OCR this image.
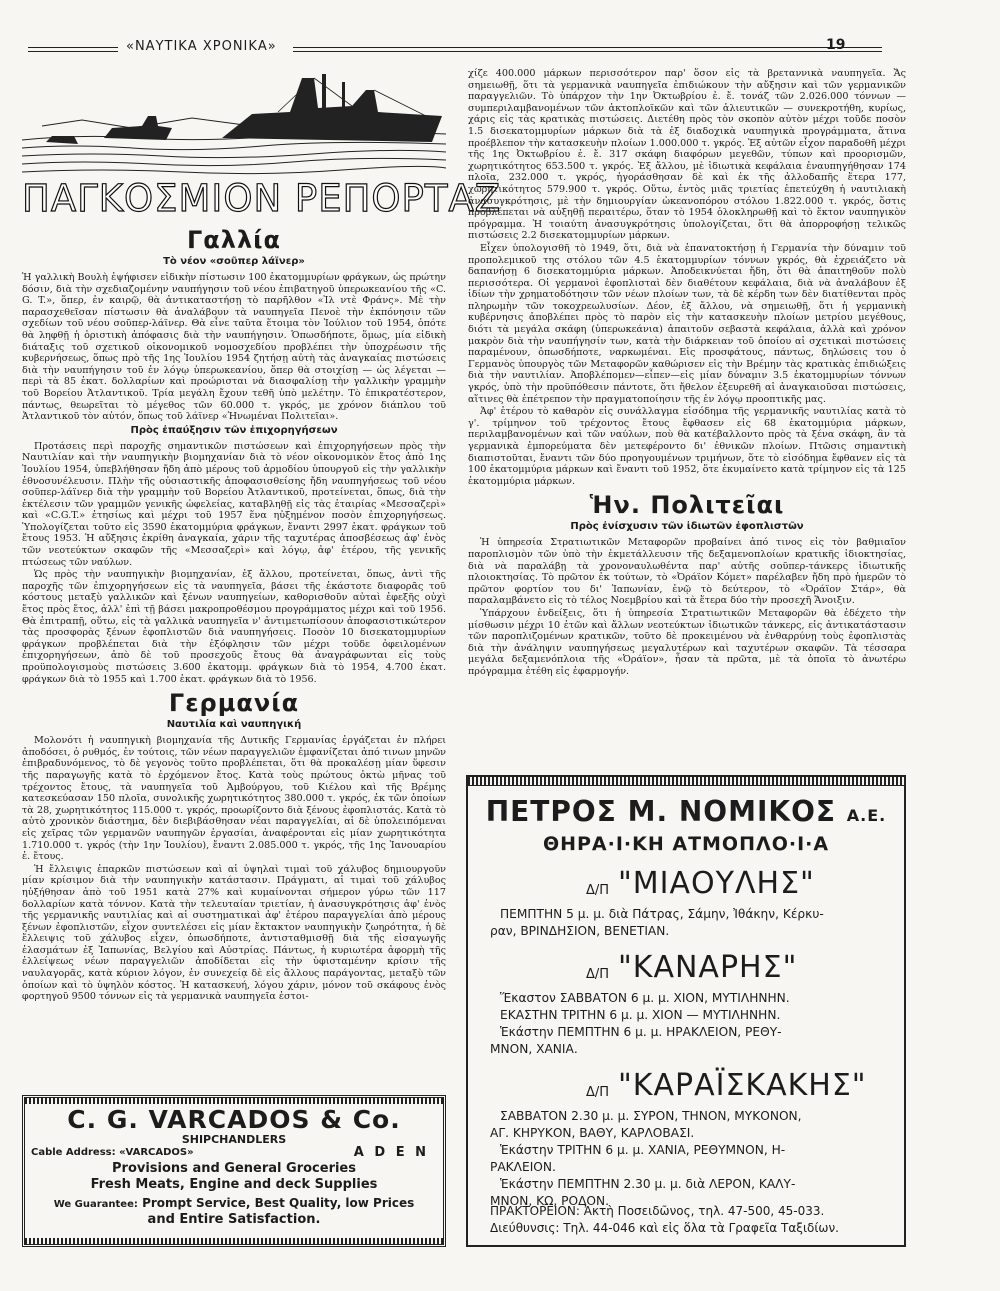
«ΝΑΥΤΙΚΑ ΧΡΟΝΙΚΑ»	19
ΠΑΓΚΟΣΜΙΟΝ ΡΕΠΟΡΤΑΖ
Γαλλία
Τὸ νέον «σοῦπερ λάϊνερ»

Ἡ γαλλικὴ Βουλὴ ἐψήφισεν εἰδικὴν πίστωσιν 100 ἑκατομμυρίων φράγκων, ὡς πρώτην δόσιν, διὰ τὴν σχεδιαζομένην ναυπήγησιν τοῦ νέου ἐπιβατηγοῦ ὑπερωκεανίου τῆς «C. G. T.», ὅπερ, ἐν καιρῷ, θὰ ἀντικαταστήσῃ τὸ παρῆλθον «Ἰλ ντὲ Φράνς». Μὲ τὴν παρασχεθεῖσαν πίστωσιν θὰ ἀναλάβουν τὰ ναυπηγεῖα Πενοὲ τὴν ἐκπόνησιν τῶν σχεδίων τοῦ νέου σοῦπερ-λάϊνερ. Θὰ εἶνε ταῦτα ἕτοιμα τὸν Ἰούλιον τοῦ 1954, ὁπότε θὰ ληφθῇ ἡ ὁριστικὴ ἀπόφασις διὰ τὴν ναυπήγησιν. Ὁπωσδήποτε, ὅμως, μία εἰδικὴ διάταξις τοῦ σχετικοῦ οἰκονομικοῦ νομοσχεδίου προβλέπει τὴν ὑποχρέωσιν τῆς κυβερνήσεως, ὅπως πρὸ τῆς 1ης Ἰουλίου 1954 ζητήσῃ αὐτὴ τὰς ἀναγκαίας πιστώσεις διὰ τὴν ναυπήγησιν τοῦ ἐν λόγῳ ὑπερωκεανίου, ὅπερ θὰ στοιχίσῃ — ὡς λέγεται — περὶ τὰ 85 ἑκατ. δολλαρίων καὶ προώρισται νὰ διασφαλίσῃ τὴν γαλλικὴν γραμμὴν τοῦ Βορείου Ἀτλαντικοῦ. Τρία μεγάλη ἔχουν τεθῆ ὑπὸ μελέτην. Τὸ ἐπικρατέστερον, πάντως, θεωρεῖται τὸ μέγεθος τῶν 60.000 τ. γκρός, με χρόνον διάπλου τοῦ Ἀτλαντικοῦ τὸν αὐτόν, ὅπως τοῦ λάϊνερ «Ἡνωμέναι Πολιτεῖαι».

Πρὸς ἐπαύξησιν τῶν ἐπιχορηγήσεων

Προτάσεις περὶ παροχῆς σημαντικῶν πιστώσεων καὶ ἐπιχορηγήσεων πρὸς τὴν Ναυτιλίαν καὶ τὴν ναυπηγικὴν βιομηχανίαν διὰ τὸ νέον οἰκονομικὸν ἔτος ἀπὸ 1ης Ἰουλίου 1954, ὑπεβλήθησαν ἤδη ἀπὸ μέρους τοῦ ἁρμοδίου ὑπουργοῦ εἰς τὴν γαλλικὴν ἐθνοσυνέλευσιν. Πλὴν τῆς οὐσιαστικῆς ἀποφασισθείσης ἤδη ναυπηγήσεως τοῦ νέου σοῦπερ-λάϊνερ διὰ τὴν γραμμὴν τοῦ Βορείου Ἀτλαντικοῦ, προτείνεται, ὅπως, διὰ τὴν ἐκτέλεσιν τῶν γραμμῶν γενικῆς ὠφελείας, καταβληθῇ εἰς τὰς ἑταιρίας «Μεσσαζερὶ» καὶ «C.G.T.» ἐτησίως καὶ μέχρι τοῦ 1957 ἕνα ηὐξημένον ποσὸν ἐπιχορηγήσεως. Ὑπολογίζεται τοῦτο εἰς 3590 ἑκατομμύρια φράγκων, ἔναντι 2997 ἑκατ. φράγκων τοῦ ἔτους 1953. Ἡ αὔξησις ἐκρίθη ἀναγκαία, χάριν τῆς ταχυτέρας ἀποσβέσεως ἀφ' ἑνὸς τῶν νεοτεύκτων σκαφῶν τῆς «Μεσσαζερὶ» καὶ λόγῳ, ἀφ' ἑτέρου, τῆς γενικῆς πτώσεως τῶν ναύλων.

Ὡς πρὸς τὴν ναυπηγικὴν βιομηχανίαν, ἐξ ἄλλου, προτείνεται, ὅπως, ἀντὶ τῆς παροχῆς τῶν ἐπιχορηγήσεων εἰς τὰ ναυπηγεῖα, βάσει τῆς ἑκάστοτε διαφορᾶς τοῦ κόστους μεταξὺ γαλλικῶν καὶ ξένων ναυπηγείων, καθορισθοῦν αὐταὶ ἐφεξῆς οὐχὶ ἔτος πρὸς ἔτος, ἀλλ' ἐπὶ τῇ βάσει μακροπροθέσμου προγράμματος μέχρι καὶ τοῦ 1956. Θὰ ἐπιτραπῇ, οὕτω, εἰς τὰ γαλλικὰ ναυπηγεῖα ν' ἀντιμετωπίσουν ἀποφασιστικώτερον τὰς προσφορὰς ξένων ἐφοπλιστῶν διὰ ναυπηγήσεις. Ποσὸν 10 δισεκατομμυρίων φράγκων προβλέπεται διὰ τὴν ἐξόφλησιν τῶν μέχρι τοῦδε ὀφειλομένων ἐπιχορηγήσεων, ἀπὸ δὲ τοῦ προσεχοῦς ἔτους θὰ ἀναγράφωνται εἰς τοὺς προϋπολογισμοὺς πιστώσεις 3.600 ἑκατομμ. φράγκων διὰ τὸ 1954, 4.700 ἑκατ. φράγκων διὰ τὸ 1955 καὶ 1.700 ἑκατ. φράγκων διὰ τὸ 1956.

Γερμανία
Ναυτιλία καὶ ναυπηγική

Μολονότι ἡ ναυπηγικὴ βιομηχανία τῆς Δυτικῆς Γερμανίας ἐργάζεται ἐν πλήρει ἀποδόσει, ὁ ρυθμός, ἐν τούτοις, τῶν νέων παραγγελιῶν ἐμφανίζεται ἀπό τινων μηνῶν ἐπιβραδυνόμενος, τὸ δὲ γεγονὸς τοῦτο προβλέπεται, ὅτι θὰ προκαλέσῃ μίαν ὕφεσιν τῆς παραγωγῆς κατὰ τὸ ἐρχόμενον ἔτος. Κατὰ τοὺς πρώτους ὀκτὼ μῆνας τοῦ τρέχοντος ἔτους, τὰ ναυπηγεῖα τοῦ Ἀμβούργου, τοῦ Κιέλου καὶ τῆς Βρέμης κατεσκεύασαν 150 πλοῖα, συνολικῆς χωρητικότητος 380.000 τ. γκρός, ἐκ τῶν ὁποίων τὰ 28, χωρητικότητος 115.000 τ. γκρός, προωρίζοντο διὰ ξένους ἐφοπλιστάς. Κατὰ τὸ αὐτὸ χρονικὸν διάστημα, δὲν διεβιβάσθησαν νέαι παραγγελίαι, αἱ δὲ ὑπολειπόμεναι εἰς χεῖρας τῶν γερμανῶν ναυπηγῶν ἐργασίαι, ἀναφέρονται εἰς μίαν χωρητικότητα 1.710.000 τ. γκρός (τὴν 1ην Ἰουλίου), ἔναντι 2.085.000 τ. γκρός, τῆς 1ης Ἰανουαρίου ἐ. ἔτους.

Ἡ ἔλλειψις ἐπαρκῶν πιστώσεων καὶ αἱ ὑψηλαὶ τιμαὶ τοῦ χάλυβος δημιουργοῦν μίαν κρίσιμον διὰ τὴν ναυπηγικὴν κατάστασιν. Πράγματι, αἱ τιμαὶ τοῦ χάλυβος ηὐξήθησαν ἀπὸ τοῦ 1951 κατὰ 27% καὶ κυμαίνονται σήμερον γύρω τῶν 117 δολλαρίων κατὰ τόννον. Κατὰ τὴν τελευταίαν τριετίαν, ἡ ἀνασυγκρότησις ἀφ' ἑνὸς τῆς γερμανικῆς ναυτιλίας καὶ αἱ συστηματικαὶ ἀφ' ἑτέρου παραγγελίαι ἀπὸ μέρους ξένων ἐφοπλιστῶν, εἶχον συντελέσει εἰς μίαν ἔκτακτον ναυπηγικὴν ζωηρότητα, ἡ δὲ ἔλλειψις τοῦ χάλυβος εἶχεν, ὁπωσδήποτε, ἀντισταθμισθῇ διὰ τῆς εἰσαγωγῆς ἐλασμάτων ἐξ Ἰαπωνίας, Βελγίου καὶ Αὐστρίας. Πάντως, ἡ κυριωτέρα ἀφορμὴ τῆς ἐλλείψεως νέων παραγγελιῶν ἀποδίδεται εἰς τὴν ὑφισταμένην κρίσιν τῆς ναυλαγορᾶς, κατὰ κύριον λόγον, ἐν συνεχείᾳ δὲ εἰς ἄλλους παράγοντας, μεταξὺ τῶν ὁποίων καὶ τὸ ὑψηλὸν κόστος. Ἡ κατασκευή, λόγου χάριν, μόνον τοῦ σκάφους ἑνὸς φορτηγοῦ 9500 τόννων εἰς τὰ γερμανικὰ ναυπηγεῖα ἐστοι-

χίζε 400.000 μάρκων περισσότερον παρ' ὅσον εἰς τὰ βρεταννικὰ ναυπηγεῖα. Ἄς σημειωθῇ, ὅτι τὰ γερμανικὰ ναυπηγεῖα ἐπιδιώκουν τὴν αὔξησιν καὶ τῶν γερμανικῶν παραγγελιῶν. Τὸ ὑπάρχον τὴν 1ην Ὀκτωβρίου ἐ. ἔ. τονάζ τῶν 2.026.000 τόννων — συμπεριλαμβανομένων τῶν ἀκτοπλοϊκῶν καὶ τῶν ἁλιευτικῶν — συνεκροτήθη, κυρίως, χάρις εἰς τὰς κρατικὰς πιστώσεις. Διετέθη πρὸς τὸν σκοπὸν αὐτὸν μέχρι τοῦδε ποσὸν 1.5 δισεκατομμυρίων μάρκων διὰ τὰ ἐξ διαδοχικὰ ναυπηγικὰ προγράμματα, ἅτινα προέβλεπον τὴν κατασκευὴν πλοίων 1.000.000 τ. γκρός. Ἐξ αὐτῶν εἶχον παραδοθῆ μέχρι τῆς 1ης Ὀκτωβρίου ἐ. ἔ. 317 σκάφη διαφόρων μεγεθῶν, τύπων καὶ προορισμῶν, χωρητικότητος 653.500 τ. γκρός. Ἐξ ἄλλου, μὲ ἰδιωτικὰ κεφάλαια ἐναυπηγήθησαν 174 πλοῖα, 232.000 τ. γκρός, ἠγοράσθησαν δὲ καὶ ἐκ τῆς ἀλλοδαπῆς ἕτερα 177, χωρητικότητος 579.900 τ. γκρός. Οὕτω, ἐντὸς μιᾶς τριετίας ἐπετεύχθη ἡ ναυτιλιακὴ ἀνασυγκρότησις, μὲ τὴν δημιουργίαν ὠκεανοπόρου στόλου 1.822.000 τ. γκρός, ὅστις προβλέπεται νὰ αὐξηθῇ περαιτέρω, ὅταν τὸ 1954 ὁλοκληρωθῇ καὶ τὸ ἕκτον ναυπηγικὸν πρόγραμμα. Ἡ τοιαύτη ἀνασυγκρότησις ὑπολογίζεται, ὅτι θὰ ἀπορροφήσῃ τελικῶς πιστώσεις 2.2 δισεκατομμυρίων μάρκων.

Εἶχεν ὑπολογισθῆ τὸ 1949, ὅτι, διὰ νὰ ἐπανατοκτήσῃ ἡ Γερμανία τὴν δύναμιν τοῦ προπολεμικοῦ της στόλου τῶν 4.5 ἑκατομμυρίων τόννων γκρός, θὰ ἐχρειάζετο νὰ δαπανήσῃ 6 δισεκατομμύρια μάρκων. Ἀποδεικνύεται ἤδη, ὅτι θὰ ἀπαιτηθοῦν πολὺ περισσότερα. Οἱ γερμανοὶ ἐφοπλισταὶ δὲν διαθέτουν κεφάλαια, διὰ νὰ ἀναλάβουν ἐξ ἰδίων τὴν χρηματοδότησιν τῶν νέων πλοίων των, τὰ δὲ κέρδη των δὲν διατίθενται πρὸς πληρωμὴν τῶν τοκοχρεωλυσίων. Δέον, ἐξ ἄλλου, νὰ σημειωθῇ, ὅτι ἡ γερμανικὴ κυβέρνησις ἀποβλέπει πρὸς τὸ παρὸν εἰς τὴν κατασκευὴν πλοίων μετρίου μεγέθους, διότι τὰ μεγάλα σκάφη (ὑπερωκεάνια) ἀπαιτοῦν σεβαστὰ κεφάλαια, ἀλλὰ καὶ χρόνον μακρὸν διὰ τὴν ναυπήγησίν των, κατὰ τὴν διάρκειαν τοῦ ὁποίου αἱ σχετικαὶ πιστώσεις παραμένουν, ὁπωσδήποτε, ναρκωμέναι. Εἰς προσφάτους, πάντως, δηλώσεις του ὁ Γερμανὸς ὑπουργὸς τῶν Μεταφορῶν καθώρισεν εἰς τὴν Βρέμην τὰς κρατικὰς ἐπιδιώξεις διὰ τὴν ναυτιλίαν. Ἀποβλέπομεν—εἶπεν—εἰς μίαν δύναμιν 3.5 ἑκατομμυρίων τόννων γκρός, ὑπὸ τὴν προϋπόθεσιν πάντοτε, ὅτι ἤθελον ἐξευρεθῆ αἱ ἀναγκαιοῦσαι πιστώσεις, αἵτινες θὰ ἐπέτρεπον τὴν πραγματοποίησιν τῆς ἐν λόγῳ προοπτικῆς μας.

Ἀφ' ἑτέρου τὸ καθαρὸν εἰς συνάλλαγμα εἰσόδημα τῆς γερμανικῆς ναυτιλίας κατὰ τὸ γ'. τρίμηνον τοῦ τρέχοντος ἔτους ἔφθασεν εἰς 68 ἑκατομμύρια μάρκων, περιλαμβανομένων καὶ τῶν ναύλων, ποὺ θὰ κατέβαλλοντο πρὸς τὰ ξένα σκάφη, ἂν τὰ γερμανικὰ ἐμπορεύματα δὲν μετεφέροντο δι' ἐθνικῶν πλοίων. Πτῶσις σημαντικὴ διαπιστοῦται, ἔναντι τῶν δύο προηγουμένων τριμήνων, ὅτε τὸ εἰσόδημα ἔφθανεν εἰς τὰ 100 ἑκατομμύρια μάρκων καὶ ἔναντι τοῦ 1952, ὅτε ἐκυμαίνετο κατὰ τρίμηνον εἰς τὰ 125 ἑκατομμύρια μάρκων.

Ἡν. Πολιτεῖαι
Πρὸς ἐνίσχυσιν τῶν ἰδιωτῶν ἐφοπλιστῶν

Ἡ ὑπηρεσία Στρατιωτικῶν Μεταφορῶν προβαίνει ἀπό τινος εἰς τὸν βαθμιαῖον παροπλισμὸν τῶν ὑπὸ τὴν ἐκμετάλλευσιν τῆς δεξαμενοπλοίων κρατικῆς ἰδιοκτησίας, διὰ νὰ παραλάβῃ τὰ χρονοναυλωθέντα παρ' αὐτῆς σοῦπερ-τάνκερς ἰδιωτικῆς πλοιοκτησίας. Τὸ πρῶτον ἐκ τούτων, τὸ «Ὀράϊον Κόμετ» παρέλαβεν ἤδη πρὸ ἡμερῶν τὸ πρῶτον φορτίον του δι' Ἰαπωνίαν, ἐνῷ τὸ δεύτερον, τὸ «Ὀράϊον Στάρ», θὰ παραλαμβάνετο εἰς τὸ τέλος Νοεμβρίου καὶ τὰ ἕτερα δύο τὴν προσεχῆ Ἄνοιξιν.

Ὑπάρχουν ἐνδείξεις, ὅτι ἡ ὑπηρεσία Στρατιωτικῶν Μεταφορῶν θὰ ἐδέχετο τὴν μίσθωσιν μέχρι 10 ἐτῶν καὶ ἄλλων νεοτεύκτων ἰδιωτικῶν τάνκερς, εἰς ἀντικατάστασιν τῶν παροπλιζομένων κρατικῶν, τοῦτο δὲ προκειμένου νὰ ἐνθαρρύνῃ τοὺς ἐφοπλιστὰς διὰ τὴν ἀνάληψιν ναυπηγήσεως μεγαλυτέρων καὶ ταχυτέρων σκαφῶν. Τὰ τέσσαρα μεγάλα δεξαμενόπλοια τῆς «Ὀράϊον», ἦσαν τὰ πρῶτα, μὲ τὰ ὁποῖα τὸ ἀνωτέρω πρόγραμμα ἐτέθη εἰς ἐφαρμογήν.

C. G. VARCADOS & Co.
SHIPCHANDLERS
Cable Address: «VARCADOS»	A D E N
Provisions and General Groceries
Fresh Meats, Engine and deck Supplies
We Guarantee: Prompt Service, Best Quality, low Prices
and Entire Satisfaction.
ΠΕΤΡΟΣ Μ. ΝΟΜΙΚΟΣ Α.Ε.
ΘΗΡΑ·Ι·ΚΗ ΑΤΜΟΠΛΟ·Ι·Α
Δ/Π "ΜΙΑΟΥΛΗΣ"
ΠΕΜΠΤΗΝ 5 μ. μ. διὰ Πάτρας, Σάμην, Ἰθάκην, Κέρκυ-
ραν, ΒΡΙΝΔΗΣΙΟΝ, ΒΕΝΕΤΙΑΝ.
Δ/Π "ΚΑΝΑΡΗΣ"
Ἕκαστον ΣΑΒΒΑΤΟΝ 6 μ. μ. ΧΙΟΝ, ΜΥΤΙΛΗΝΗΝ.
ΕΚΑΣΤΗΝ ΤΡΙΤΗΝ 6 μ. μ. ΧΙΟΝ — ΜΥΤΙΛΗΝΗΝ.
Ἑκάστην ΠΕΜΠΤΗΝ 6 μ. μ. ΗΡΑΚΛΕΙΟΝ, ΡΕΘΥ-
ΜΝΟΝ, ΧΑΝΙΑ.
Δ/Π "ΚΑΡΑΪΣΚΑΚΗΣ"
ΣΑΒΒΑΤΟΝ 2.30 μ. μ. ΣΥΡΟΝ, ΤΗΝΟΝ, ΜΥΚΟΝΟΝ,
ΑΓ. ΚΗΡΥΚΟΝ, ΒΑΘΥ, ΚΑΡΛΟΒΑΣΙ.
Ἑκάστην ΤΡΙΤΗΝ 6 μ. μ. ΧΑΝΙΑ, ΡΕΘΥΜΝΟΝ, Η-
ΡΑΚΛΕΙΟΝ.
Ἑκάστην ΠΕΜΠΤΗΝ 2.30 μ. μ. διὰ ΛΕΡΟΝ, ΚΑΛΥ-
ΜΝΟΝ, ΚΩ, ΡΟΔΟΝ.
ΠΡΑΚΤΟΡΕΙΟΝ: Ἀκτὴ Ποσειδῶνος, τηλ. 47-500, 45-033.
Διεύθυνσις: Τηλ. 44-046 καὶ εἰς ὅλα τὰ Γραφεῖα Ταξιδίων.
